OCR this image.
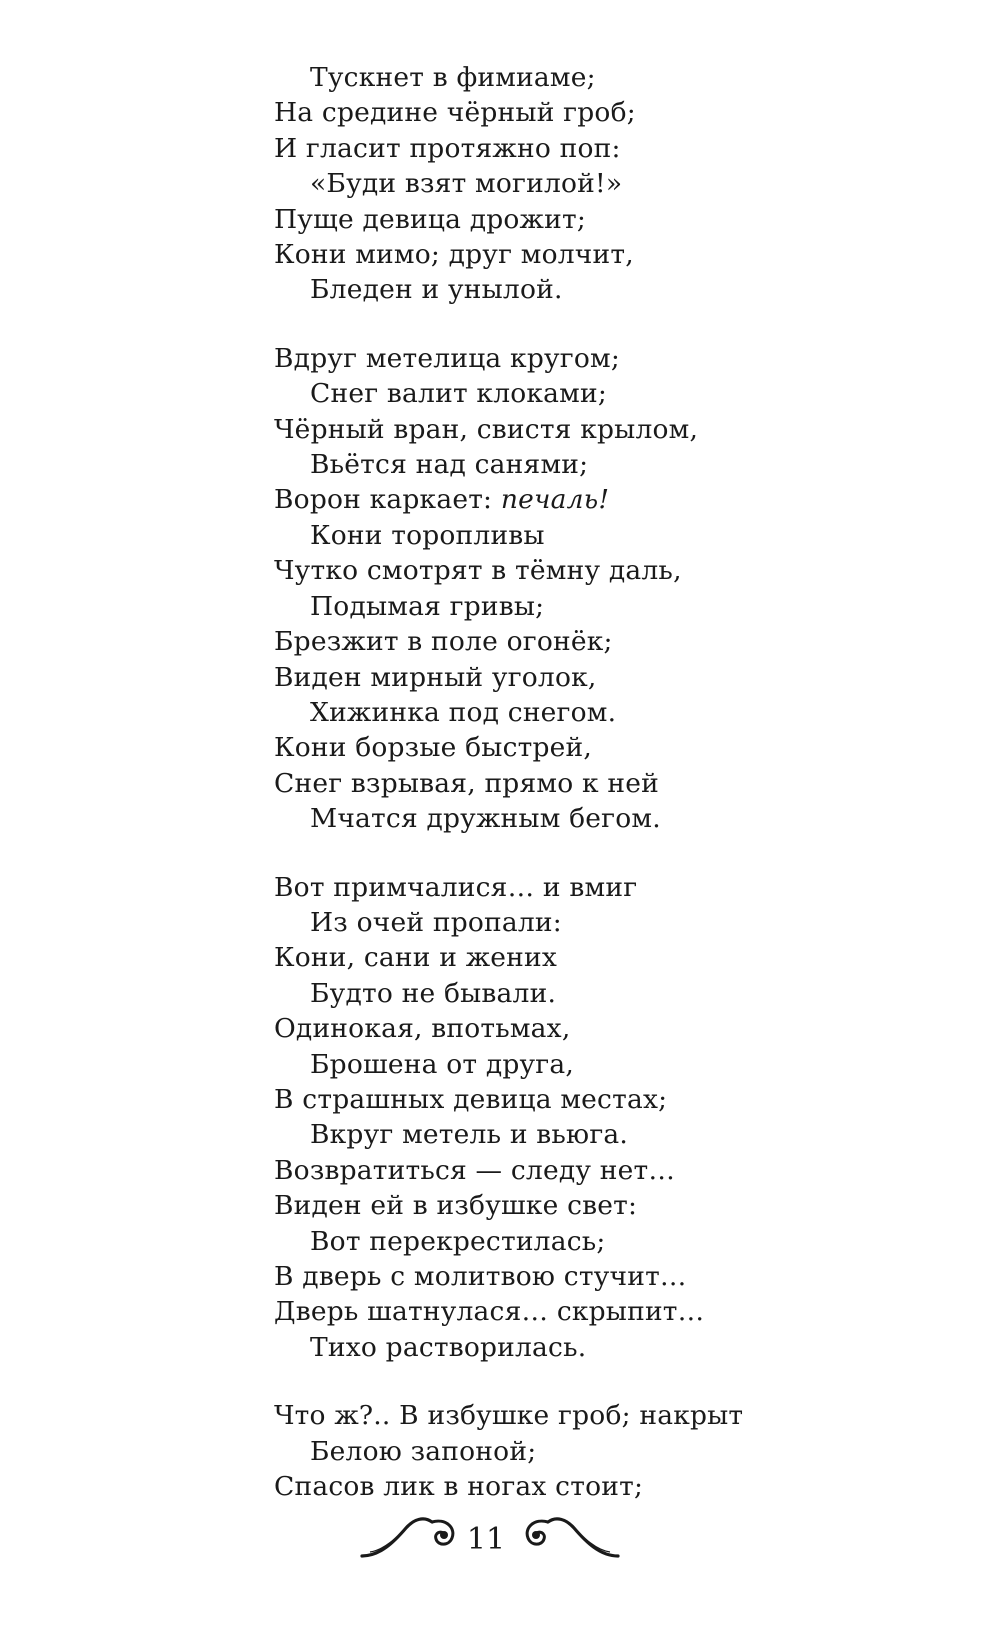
Тускнет в фимиаме;
На средине чёрный гроб;
И гласит протяжно поп:
«Буди взят могилой!»
Пуще девица дрожит;
Кони мимо; друг молчит,
Бледен и унылой.
Вдруг метелица кругом;
Снег валит клоками;
Чёрный вран, свистя крылом,
Вьётся над санями;
Ворон каркает: печаль!
Кони торопливы
Чутко смотрят в тёмну даль,
Подымая гривы;
Брезжит в поле огонёк;
Виден мирный уголок,
Хижинка под снегом.
Кони борзые быстрей,
Снег взрывая, прямо к ней
Мчатся дружным бегом.
Вот примчалися… и вмиг
Из очей пропали:
Кони, сани и жених
Будто не бывали.
Одинокая, впотьмах,
Брошена от друга,
В страшных девица местах;
Вкруг метель и вьюга.
Возвратиться — следу нет…
Виден ей в избушке свет:
Вот перекрестилась;
В дверь с молитвою стучит…
Дверь шатнулася… скрыпит…
Тихо растворилась.
Что ж?.. В избушке гроб; накрыт
Белою запоной;
Спасов лик в ногах стоит;
11
